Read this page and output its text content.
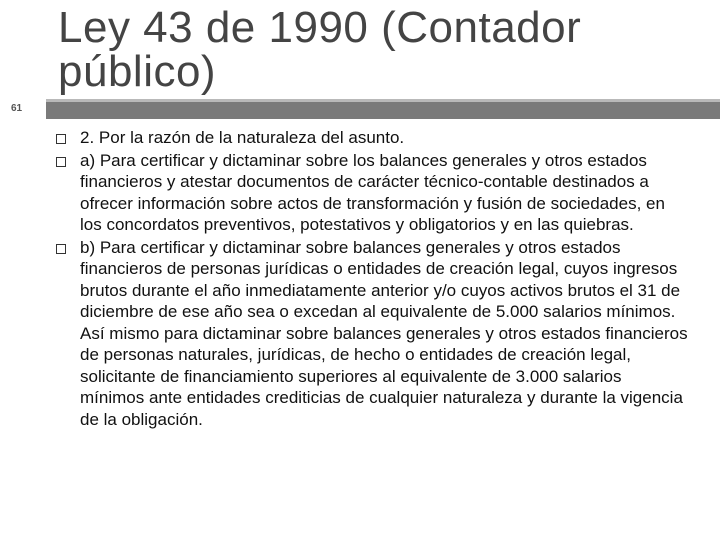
61
Ley 43 de 1990 (Contador público)
2. Por la razón de la naturaleza del asunto.
a) Para certificar y dictaminar sobre los balances generales y otros estados financieros y atestar documentos de carácter técnico-contable destinados a ofrecer información sobre actos de transformación y fusión de sociedades, en los concordatos preventivos, potestativos y obligatorios y en las quiebras.
b) Para certificar y dictaminar sobre balances generales y otros estados financieros de personas jurídicas o entidades de creación legal, cuyos ingresos brutos durante el año inmediatamente anterior y/o cuyos activos brutos el 31 de diciembre de ese año sea o excedan al equivalente de 5.000 salarios mínimos. Así mismo para dictaminar sobre balances generales y otros estados financieros de personas naturales, jurídicas, de hecho o entidades de creación legal, solicitante de financiamiento superiores al equivalente de 3.000 salarios mínimos ante entidades crediticias de cualquier naturaleza y durante la vigencia de la obligación.
